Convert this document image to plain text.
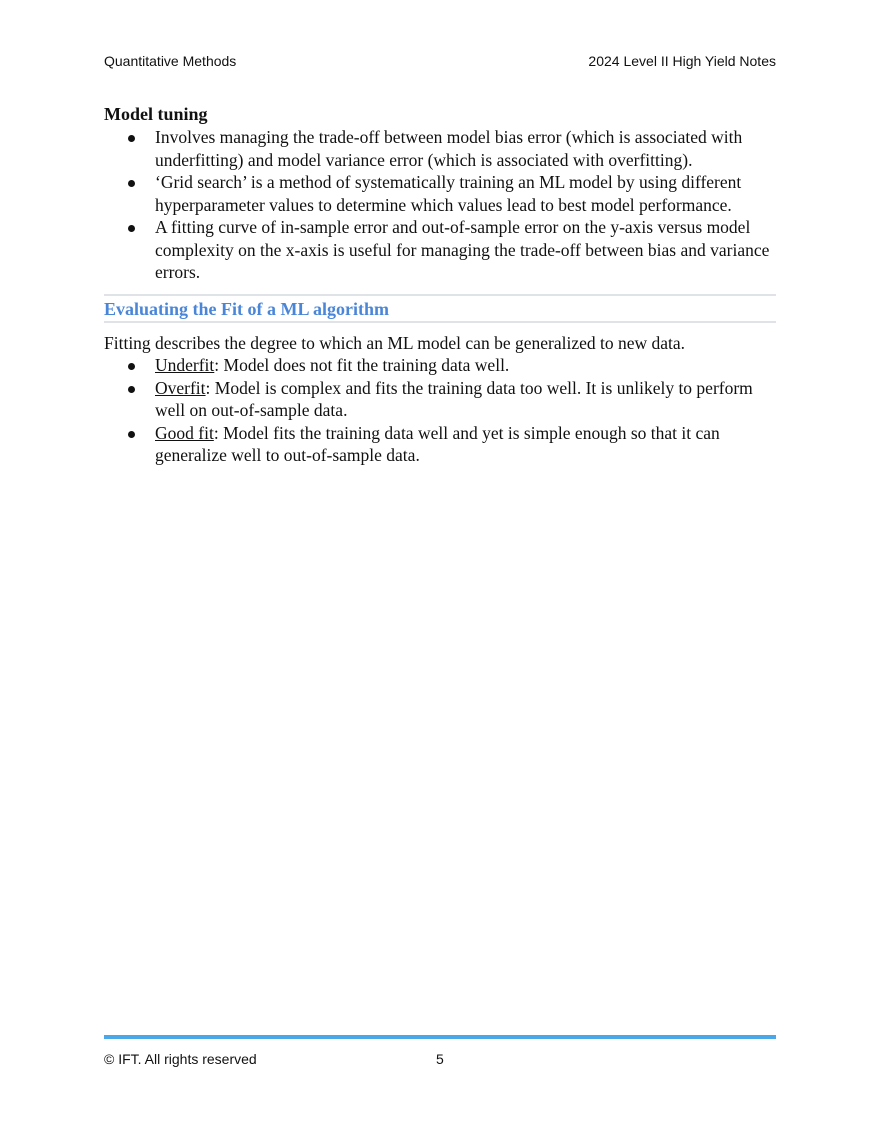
Quantitative Methods	2024 Level II High Yield Notes

Model tuning

Involves managing the trade-off between model bias error (which is associated with underfitting) and model variance error (which is associated with overfitting).
‘Grid search’ is a method of systematically training an ML model by using different hyperparameter values to determine which values lead to best model performance.
A fitting curve of in-sample error and out-of-sample error on the y-axis versus model complexity on the x-axis is useful for managing the trade-off between bias and variance errors.
Evaluating the Fit of a ML algorithm

Fitting describes the degree to which an ML model can be generalized to new data.

Underfit: Model does not fit the training data well.
Overfit: Model is complex and fits the training data too well. It is unlikely to perform well on out-of-sample data.
Good fit: Model fits the training data well and yet is simple enough so that it can generalize well to out-of-sample data.
© IFT. All rights reserved	5
